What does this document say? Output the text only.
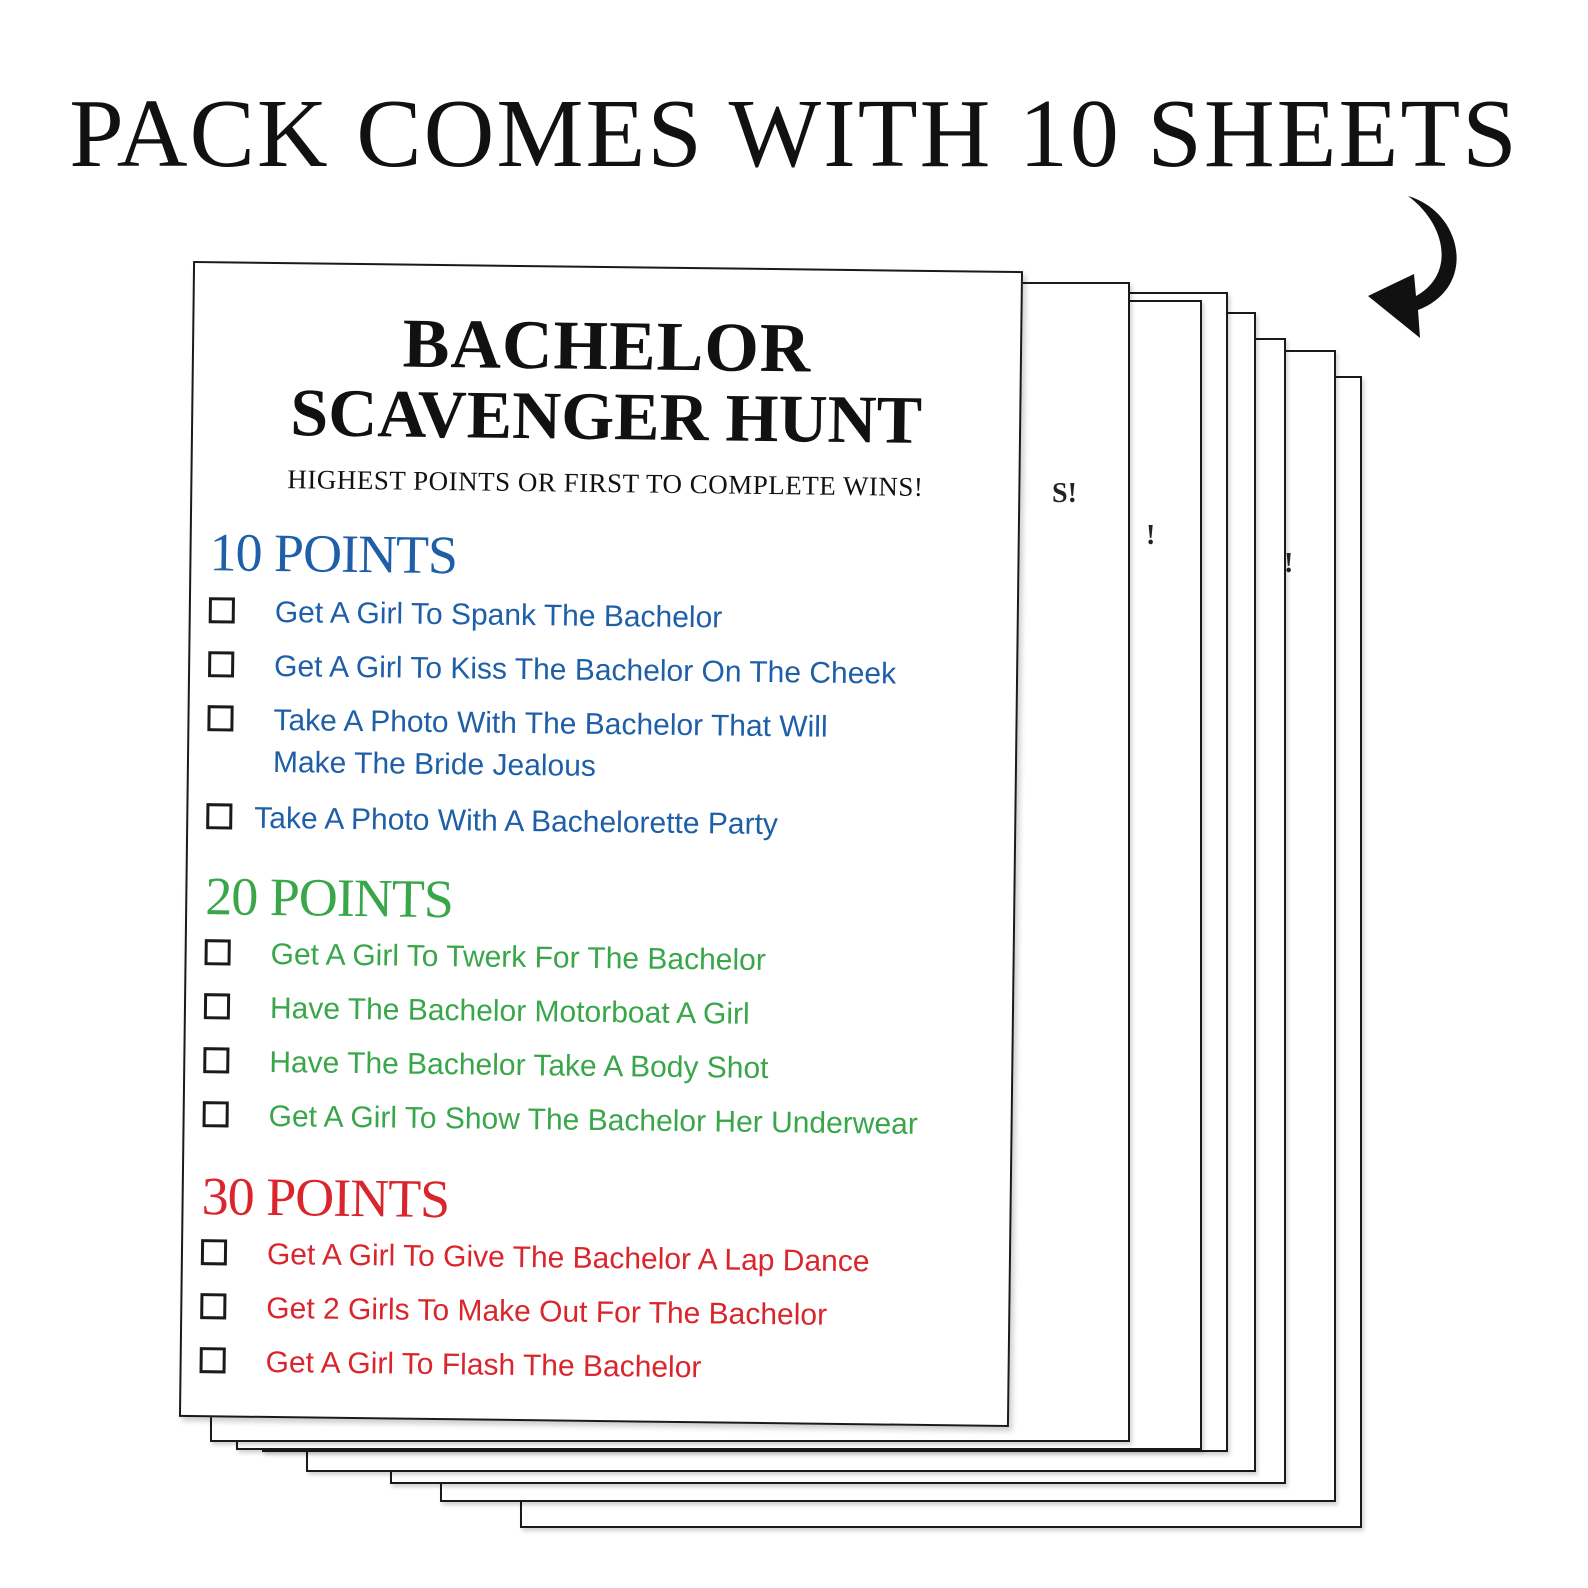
PACK COMES WITH 10 SHEETS
S!
!
!
BACHELOR
SCAVENGER HUNT
HIGHEST POINTS OR FIRST TO COMPLETE WINS!
10 POINTS
Get A Girl To Spank The Bachelor
Get A Girl To Kiss The Bachelor On The Cheek
Take A Photo With The Bachelor That Will Make The Bride Jealous
Take A Photo With A Bachelorette Party
20 POINTS
Get A Girl To Twerk For The Bachelor
Have The Bachelor Motorboat A Girl
Have The Bachelor Take A Body Shot
Get A Girl To Show The Bachelor Her Underwear
30 POINTS
Get A Girl To Give The Bachelor A Lap Dance
Get 2 Girls To Make Out For The Bachelor
Get A Girl To Flash The Bachelor
